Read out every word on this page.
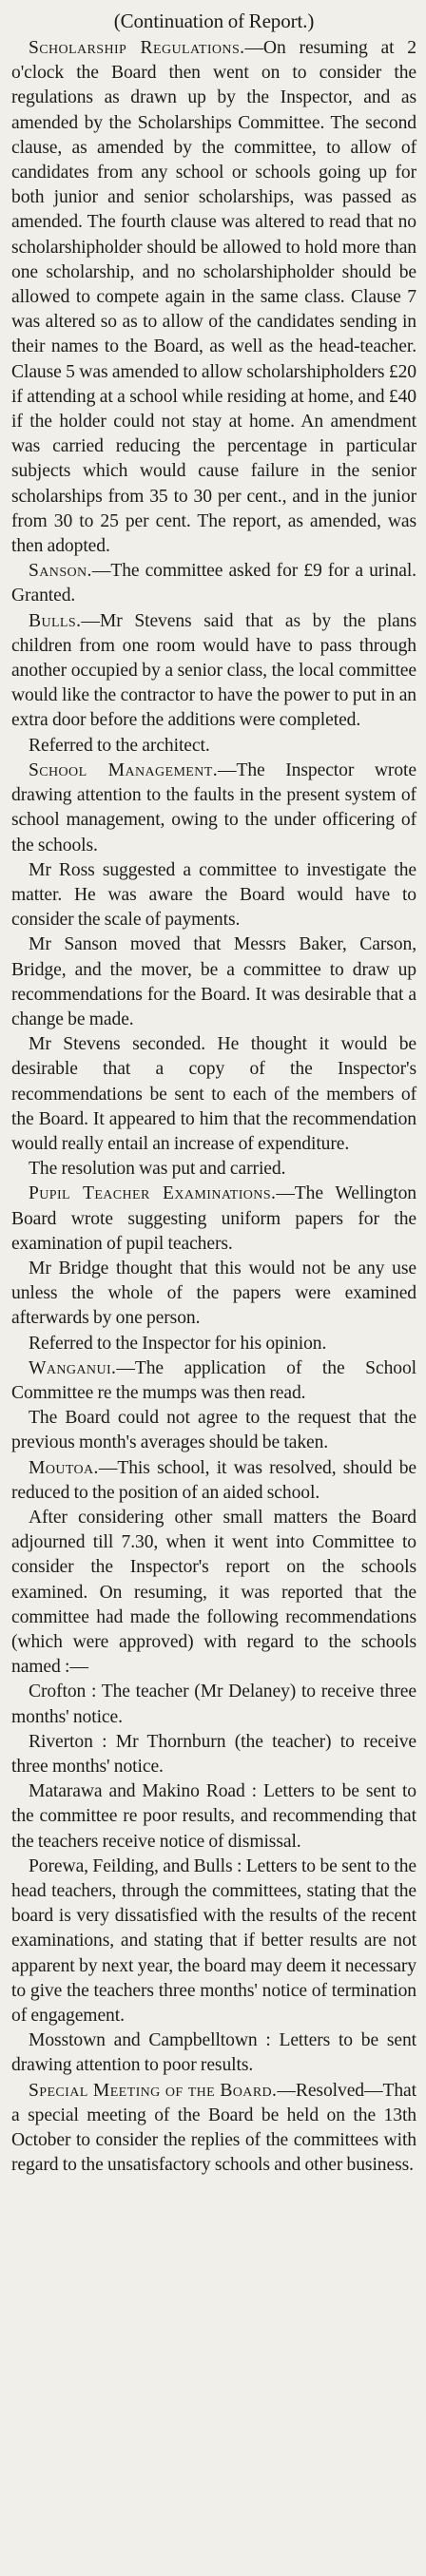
(Continuation of Report.)

Scholarship Regulations.—On resuming at 2 o'clock the Board then went on to consider the regulations as drawn up by the Inspector, and as amended by the Scholarships Committee. The second clause, as amended by the committee, to allow of candidates from any school or schools going up for both junior and senior scholarships, was passed as amended. The fourth clause was altered to read that no scholarshipholder should be allowed to hold more than one scholarship, and no scholarshipholder should be allowed to compete again in the same class. Clause 7 was altered so as to allow of the candidates sending in their names to the Board, as well as the head-teacher. Clause 5 was amended to allow scholarshipholders £20 if attending at a school while residing at home, and £40 if the holder could not stay at home. An amendment was carried reducing the percentage in particular subjects which would cause failure in the senior scholarships from 35 to 30 per cent., and in the junior from 30 to 25 per cent. The report, as amended, was then adopted.

Sanson.—The committee asked for £9 for a urinal. Granted.

Bulls.—Mr Stevens said that as by the plans children from one room would have to pass through another occupied by a senior class, the local committee would like the contractor to have the power to put in an extra door before the additions were completed.

Referred to the architect.

School Management.—The Inspector wrote drawing attention to the faults in the present system of school management, owing to the under officering of the schools.

Mr Ross suggested a committee to investigate the matter. He was aware the Board would have to consider the scale of payments.

Mr Sanson moved that Messrs Baker, Carson, Bridge, and the mover, be a committee to draw up recommendations for the Board. It was desirable that a change be made.

Mr Stevens seconded. He thought it would be desirable that a copy of the Inspector's recommendations be sent to each of the members of the Board. It appeared to him that the recommendation would really entail an increase of expenditure.

The resolution was put and carried.

Pupil Teacher Examinations.—The Wellington Board wrote suggesting uniform papers for the examination of pupil teachers.

Mr Bridge thought that this would not be any use unless the whole of the papers were examined afterwards by one person.

Referred to the Inspector for his opinion.

Wanganui.—The application of the School Committee re the mumps was then read.

The Board could not agree to the request that the previous month's averages should be taken.

Moutoa.—This school, it was resolved, should be reduced to the position of an aided school.

After considering other small matters the Board adjourned till 7.30, when it went into Committee to consider the Inspector's report on the schools examined. On resuming, it was reported that the committee had made the following recommendations (which were approved) with regard to the schools named :—

Crofton : The teacher (Mr Delaney) to receive three months' notice.

Riverton : Mr Thornburn (the teacher) to receive three months' notice.

Matarawa and Makino Road : Letters to be sent to the committee re poor results, and recommending that the teachers receive notice of dismissal.

Porewa, Feilding, and Bulls : Letters to be sent to the head teachers, through the committees, stating that the board is very dissatisfied with the results of the recent examinations, and stating that if better results are not apparent by next year, the board may deem it necessary to give the teachers three months' notice of termination of engagement.

Mosstown and Campbelltown : Letters to be sent drawing attention to poor results.

Special Meeting of the Board.—Resolved—That a special meeting of the Board be held on the 13th October to consider the replies of the committees with regard to the unsatisfactory schools and other business.
